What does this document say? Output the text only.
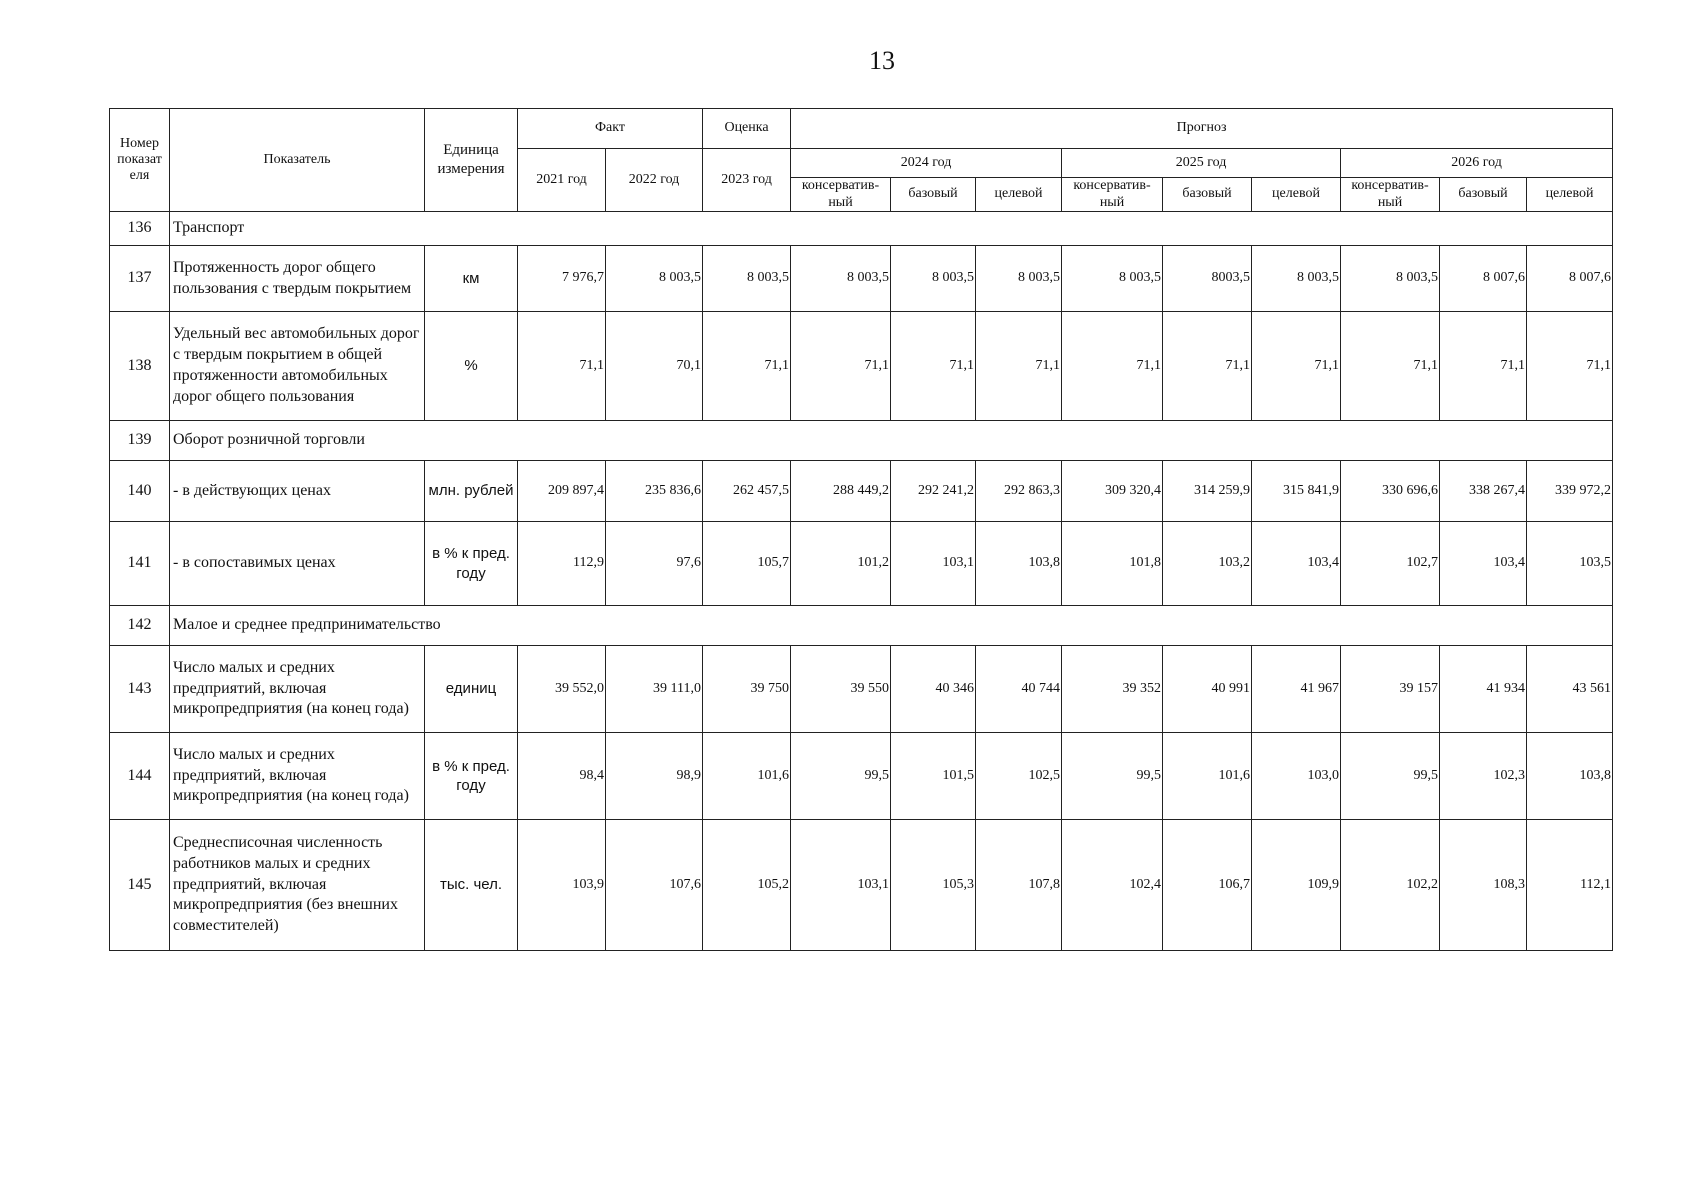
13
Номер показат еля	Показатель	Единица измерения	Факт		Оценка	Прогноз								
			2021 год	2022 год	2023 год	2024 год			2025 год			2026 год		
						консерватив-ный	базовый	целевой	консерватив-ный	базовый	целевой	консерватив-ный	базовый	целевой
136	Транспорт													
137	Протяженность дорог общего пользования с твердым покрытием	км	7 976,7	8 003,5	8 003,5	8 003,5	8 003,5	8 003,5	8 003,5	8003,5	8 003,5	8 003,5	8 007,6	8 007,6
138	Удельный вес автомобильных дорог с твердым покрытием в общей протяженности автомобильных дорог общего пользования	%	71,1	70,1	71,1	71,1	71,1	71,1	71,1	71,1	71,1	71,1	71,1	71,1
139	Оборот розничной торговли													
140	- в действующих ценах	млн. рублей	209 897,4	235 836,6	262 457,5	288 449,2	292 241,2	292 863,3	309 320,4	314 259,9	315 841,9	330 696,6	338 267,4	339 972,2
141	- в сопоставимых ценах	в % к пред. году	112,9	97,6	105,7	101,2	103,1	103,8	101,8	103,2	103,4	102,7	103,4	103,5
142	Малое и среднее предпринимательство													
143	Число малых и средних предприятий, включая микропредприятия (на конец года)	единиц	39 552,0	39 111,0	39 750	39 550	40 346	40 744	39 352	40 991	41 967	39 157	41 934	43 561
144	Число малых и средних предприятий, включая микропредприятия (на конец года)	в % к пред. году	98,4	98,9	101,6	99,5	101,5	102,5	99,5	101,6	103,0	99,5	102,3	103,8
145	Среднесписочная численность работников малых и средних предприятий, включая микропредприятия (без внешних совместителей)	тыс. чел.	103,9	107,6	105,2	103,1	105,3	107,8	102,4	106,7	109,9	102,2	108,3	112,1
